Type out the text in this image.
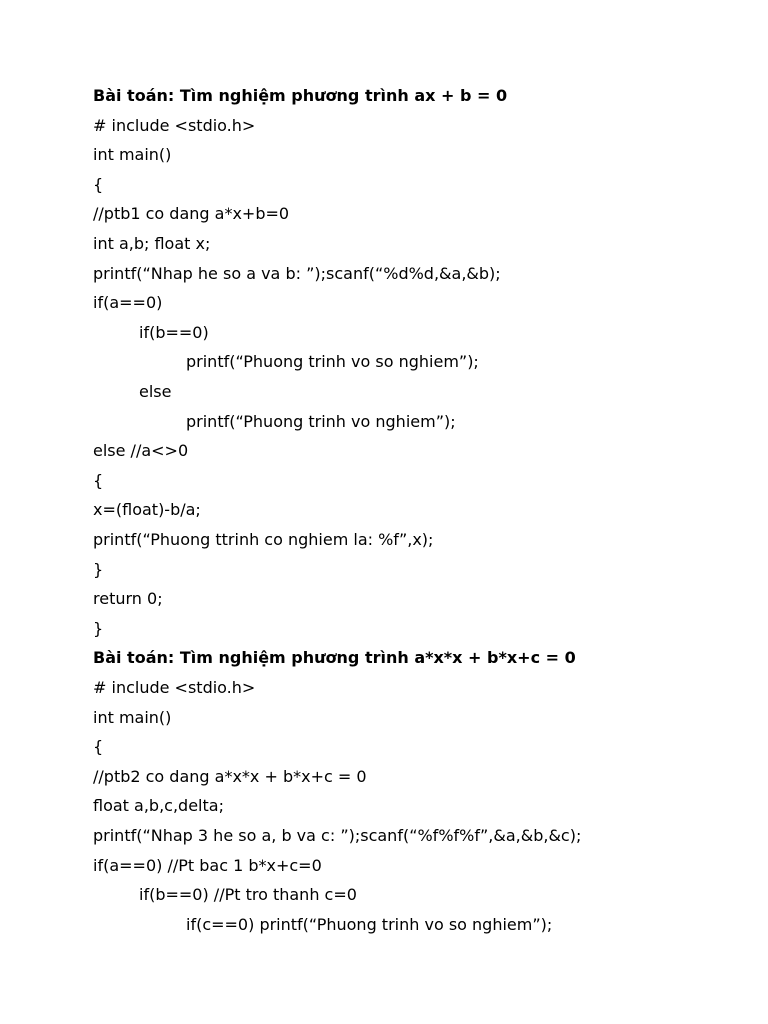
Bài toán: Tìm nghiệm phương trình ax + b = 0
# include <stdio.h>
int main()
{
//ptb1 co dang a*x+b=0
int a,b; float x;
printf(“Nhap he so a va b: ”);scanf(“%d%d,&a,&b);
if(a==0)
if(b==0)
printf(“Phuong trinh vo so nghiem”);
else
printf(“Phuong trinh vo nghiem”);
else //a<>0
{
x=(float)-b/a;
printf(“Phuong ttrinh co nghiem la: %f”,x);
}
return 0;
}
Bài toán: Tìm nghiệm phương trình a*x*x + b*x+c = 0
# include <stdio.h>
int main()
{
//ptb2 co dang a*x*x + b*x+c = 0
float a,b,c,delta;
printf(“Nhap 3 he so a, b va c: ”);scanf(“%f%f%f”,&a,&b,&c);
if(a==0) //Pt bac 1 b*x+c=0
if(b==0) //Pt tro thanh c=0
if(c==0) printf(“Phuong trinh vo so nghiem”);
